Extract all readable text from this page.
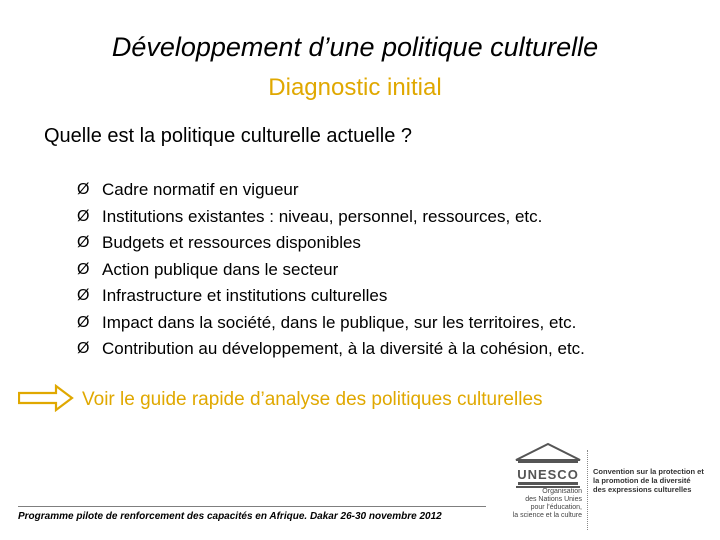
Développement d’une politique culturelle
Diagnostic initial
Quelle est la politique culturelle actuelle ?
Ø Cadre normatif en vigueur
Ø Institutions existantes : niveau, personnel, ressources, etc.
Ø Budgets et ressources disponibles
Ø Action publique dans le secteur
Ø Infrastructure et institutions culturelles
Ø Impact dans la société, dans le publique, sur les territoires, etc.
Ø Contribution au développement, à la diversité à la cohésion, etc.
Voir le guide rapide d’analyse des politiques culturelles
Programme pilote de renforcement des capacités en Afrique. Dakar 26-30 novembre 2012
UNESCO
Organisation
des Nations Unies
pour l’éducation,
la science et la culture
Convention sur la protection et
la promotion de la diversité
des expressions culturelles
